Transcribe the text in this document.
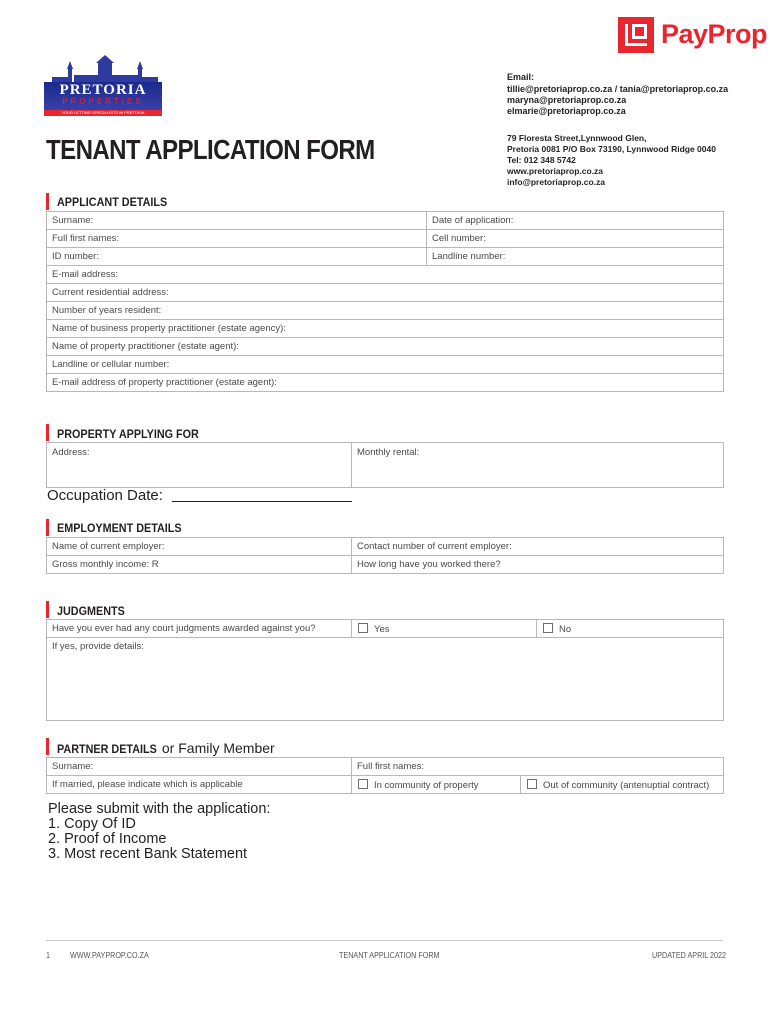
PayProp
PRETORIA
PROPERTIES
YOUR LETTING SPECIALISTS IN PRETORIA
Email:
tillie@pretoriaprop.co.za / tania@pretoriaprop.co.za
maryna@pretoriaprop.co.za
elmarie@pretoriaprop.co.za
79 Floresta Street,Lynnwood Glen,
Pretoria 0081 P/O Box 73190, Lynnwood Ridge 0040
Tel: 012 348 5742
www.pretoriaprop.co.za
info@pretoriaprop.co.za
TENANT APPLICATION FORM
APPLICANT DETAILS
Surname:	Date of application:
Full first names:	Cell number:
ID number:	Landline number:
E-mail address:	
Current residential address:	
Number of years resident:	
Name of business property practitioner (estate agency):	
Name of property practitioner (estate agent):	
Landline or cellular number:	
E-mail address of property practitioner (estate agent):	
PROPERTY APPLYING FOR
Address:	Monthly rental:
Occupation Date:
EMPLOYMENT DETAILS
Name of current employer:	Contact number of current employer:
Gross monthly income: R	How long have you worked there?
JUDGMENTS
Have you ever had any court judgments awarded against you?	Yes	No
If yes, provide details:
PARTNER DETAILS or Family Member
Surname:	Full first names:	
If married, please indicate which is applicable	In community of property	Out of community (antenuptial contract)
Please submit with the application:
1. Copy Of ID
2. Proof of Income
3. Most recent Bank Statement
1 WWW.PAYPROP.CO.ZA	TENANT APPLICATION FORM	UPDATED APRIL 2022
